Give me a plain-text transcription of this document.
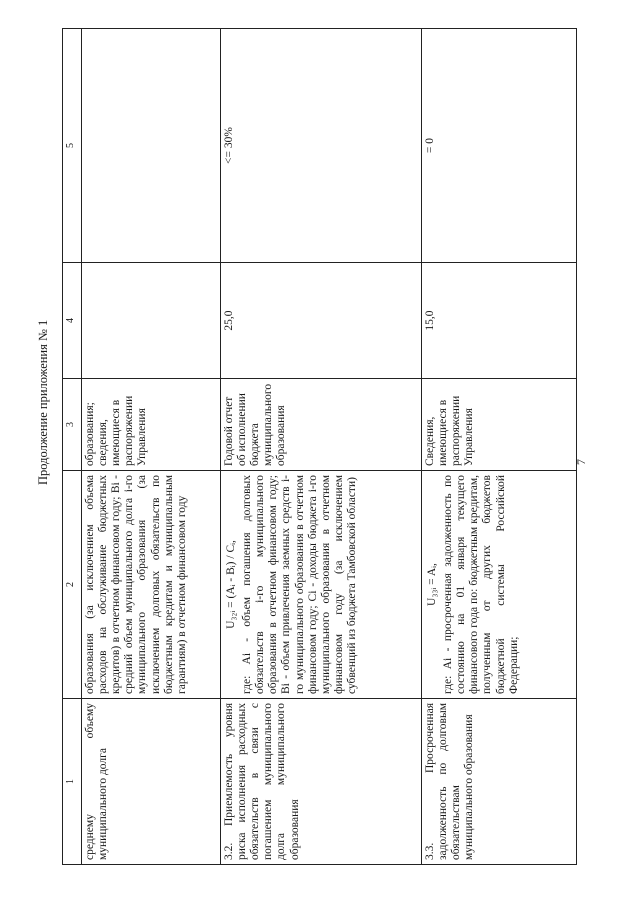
7
Продолжение приложения № 1
1	2	3	4	5
среднему объему муниципального долга	образования (за исключением объема расходов на обслуживание бюджетных кредитов) в отчетном финансовом году; Bi - средний объем муниципального долга i-го муниципального образования (за исключением долговых обязательств по бюджетным кредитам и муниципальным гарантиям) в отчетном финансовом году	образования; сведения, имеющиеся в распоряжении Управления		
3.2. Приемлемость уровня риска исполнения расходных обязательств в связи с погашением муниципального долга муниципального образования	U₃₂ᵢ = (Aᵢ - Bᵢ) / Cᵢ, где: Ai - объем погашения долговых обязательств i-го муниципального образования в отчетном финансовом году; Bi - объем привлечения заемных средств i-го муниципального образования в отчетном финансовом году; Ci - доходы бюджета i-го муниципального образования в отчетном финансовом году (за исключением субвенций из бюджета Тамбовской области)	Годовой отчет об исполнении бюджета муниципального образования	25,0	<= 30%
3.3. Просроченная задолженность по долговым обязательствам муниципального образования	U₃₃ᵢ = Aᵢ, где: Ai - просроченная задолженность по состоянию на 01 января текущего финансового года по: бюджетным кредитам, полученным от других бюджетов бюджетной системы Российской Федерации;	Сведения, имеющиеся в распоряжении Управления	15,0	= 0
